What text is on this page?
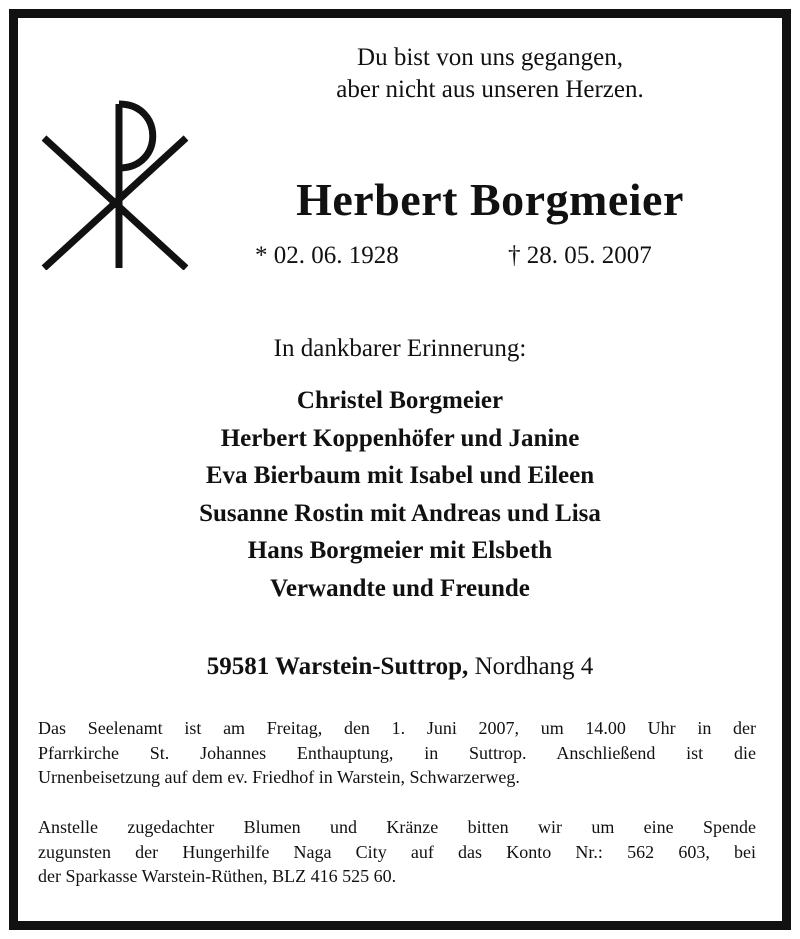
Du bist von uns gegangen,
aber nicht aus unseren Herzen.
Herbert Borgmeier
* 02. 06. 1928	† 28. 05. 2007
In dankbarer Erinnerung:
Christel Borgmeier
Herbert Koppenhöfer und Janine
Eva Bierbaum mit Isabel und Eileen
Susanne Rostin mit Andreas und Lisa
Hans Borgmeier mit Elsbeth
Verwandte und Freunde
59581 Warstein-Suttrop, Nordhang 4
Das Seelenamt ist am Freitag, den 1. Juni 2007, um 14.00 Uhr in der
Pfarrkirche St. Johannes Enthauptung, in Suttrop. Anschließend ist die
Urnenbeisetzung auf dem ev. Friedhof in Warstein, Schwarzerweg.
Anstelle zugedachter Blumen und Kränze bitten wir um eine Spende
zugunsten der Hungerhilfe Naga City auf das Konto Nr.: 562 603, bei
der Sparkasse Warstein-Rüthen, BLZ 416 525 60.
